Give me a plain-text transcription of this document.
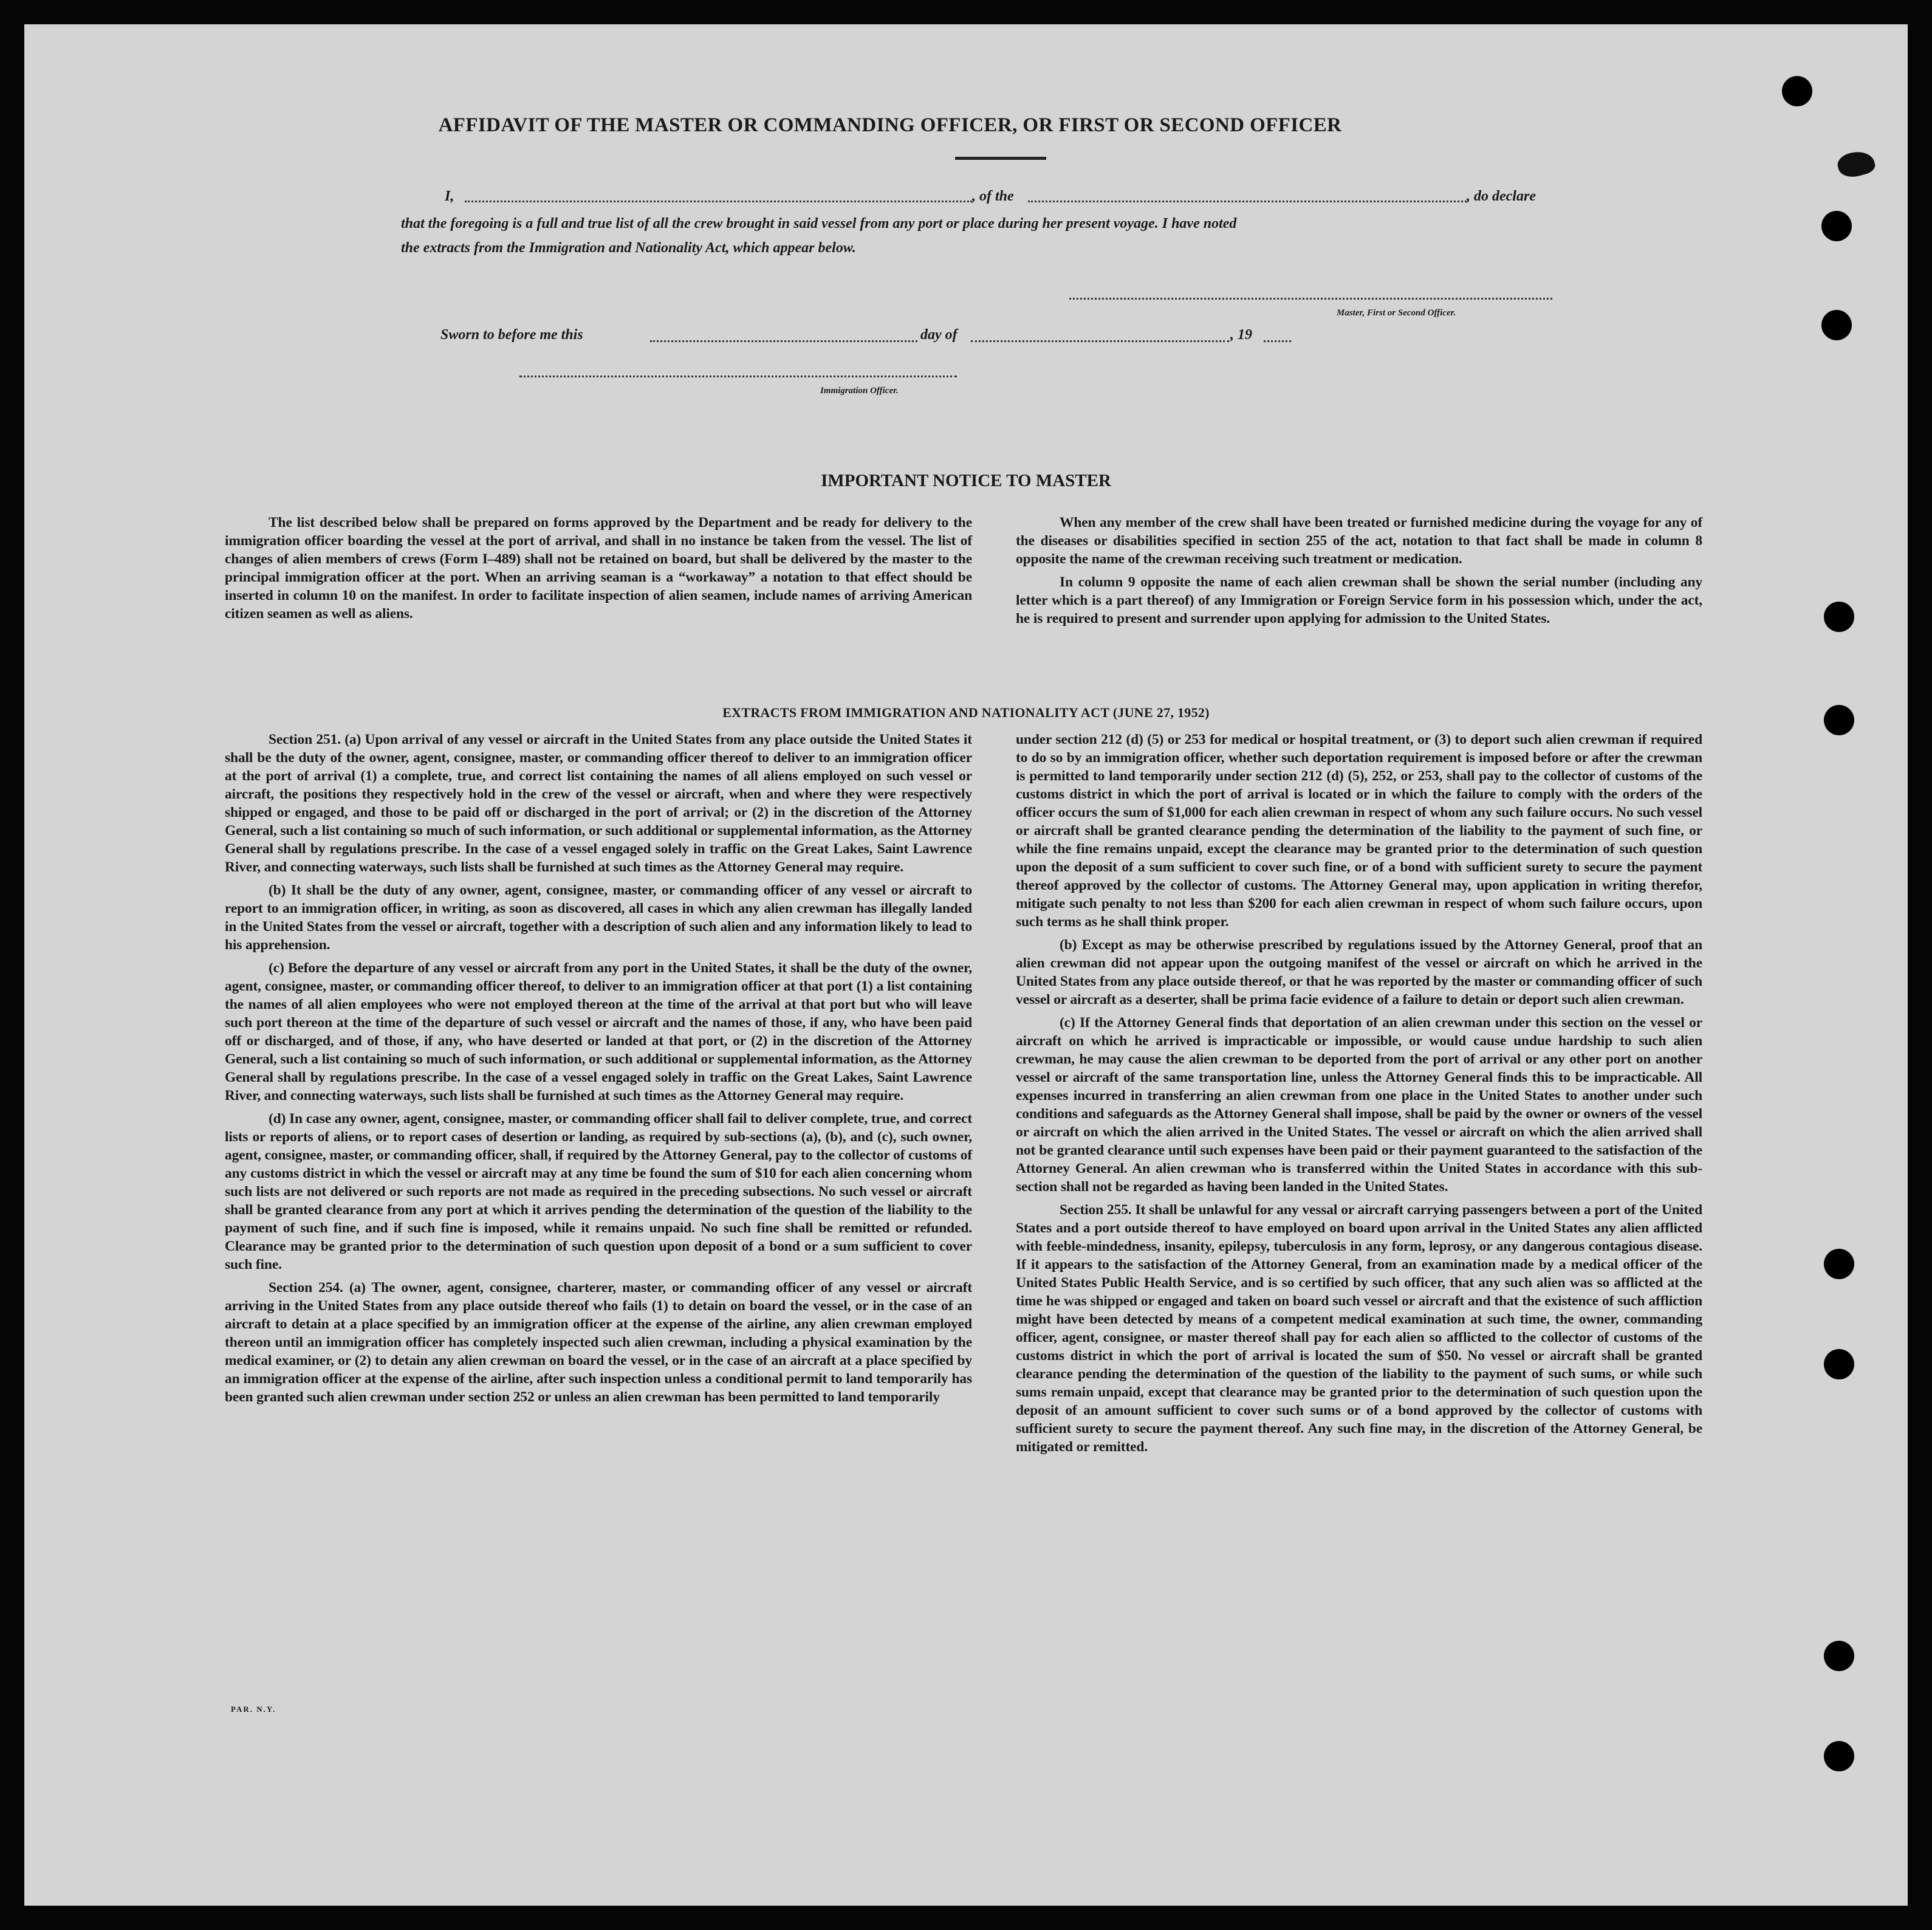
AFFIDAVIT OF THE MASTER OR COMMANDING OFFICER, OR FIRST OR SECOND OFFICER
I,	, of the	, do declare
that the foregoing is a full and true list of all the crew brought in said vessel from any port or place during her present voyage. I have noted
the extracts from the Immigration and Nationality Act, which appear below.
Master, First or Second Officer.
Sworn to before me this	day of	, 19
Immigration Officer.
IMPORTANT NOTICE TO MASTER

The list described below shall be prepared on forms approved by the Department and be ready for delivery to the immigration officer boarding the vessel at the port of arrival, and shall in no instance be taken from the vessel. The list of changes of alien members of crews (Form I–489) shall not be retained on board, but shall be delivered by the master to the principal immigration officer at the port. When an arriving seaman is a “workaway” a notation to that effect should be inserted in column 10 on the manifest. In order to facilitate inspection of alien seamen, include names of arriving American citizen seamen as well as aliens.

When any member of the crew shall have been treated or furnished medicine during the voyage for any of the diseases or disabilities specified in section 255 of the act, notation to that fact shall be made in column 8 opposite the name of the crewman receiving such treatment or medication.

In column 9 opposite the name of each alien crewman shall be shown the serial number (including any letter which is a part thereof) of any Immigration or Foreign Service form in his possession which, under the act, he is required to present and surrender upon applying for admission to the United States.

EXTRACTS FROM IMMIGRATION AND NATIONALITY ACT (JUNE 27, 1952)

Section 251. (a) Upon arrival of any vessel or aircraft in the United States from any place outside the United States it shall be the duty of the owner, agent, consignee, master, or commanding officer thereof to deliver to an immigration officer at the port of arrival (1) a complete, true, and correct list containing the names of all aliens employed on such vessel or aircraft, the positions they respectively hold in the crew of the vessel or aircraft, when and where they were respectively shipped or engaged, and those to be paid off or discharged in the port of arrival; or (2) in the discretion of the Attorney General, such a list containing so much of such information, or such additional or supplemental information, as the Attorney General shall by regulations prescribe. In the case of a vessel engaged solely in traffic on the Great Lakes, Saint Lawrence River, and connecting waterways, such lists shall be furnished at such times as the Attorney General may require.

(b) It shall be the duty of any owner, agent, consignee, master, or commanding officer of any vessel or aircraft to report to an immigration officer, in writing, as soon as discovered, all cases in which any alien crewman has illegally landed in the United States from the vessel or aircraft, together with a description of such alien and any information likely to lead to his apprehension.

(c) Before the departure of any vessel or aircraft from any port in the United States, it shall be the duty of the owner, agent, consignee, master, or commanding officer thereof, to deliver to an immigration officer at that port (1) a list containing the names of all alien employees who were not employed thereon at the time of the arrival at that port but who will leave such port thereon at the time of the departure of such vessel or aircraft and the names of those, if any, who have been paid off or discharged, and of those, if any, who have deserted or landed at that port, or (2) in the discretion of the Attorney General, such a list containing so much of such information, or such additional or supplemental information, as the Attorney General shall by regulations prescribe. In the case of a vessel engaged solely in traffic on the Great Lakes, Saint Lawrence River, and connecting waterways, such lists shall be furnished at such times as the Attorney General may require.

(d) In case any owner, agent, consignee, master, or commanding officer shall fail to deliver complete, true, and correct lists or reports of aliens, or to report cases of desertion or landing, as required by sub-sections (a), (b), and (c), such owner, agent, consignee, master, or commanding officer, shall, if required by the Attorney General, pay to the collector of customs of any customs district in which the vessel or aircraft may at any time be found the sum of $10 for each alien concerning whom such lists are not delivered or such reports are not made as required in the preceding subsections. No such vessel or aircraft shall be granted clearance from any port at which it arrives pending the determination of the question of the liability to the payment of such fine, and if such fine is imposed, while it remains unpaid. No such fine shall be remitted or refunded. Clearance may be granted prior to the determination of such question upon deposit of a bond or a sum sufficient to cover such fine.

Section 254. (a) The owner, agent, consignee, charterer, master, or commanding officer of any vessel or aircraft arriving in the United States from any place outside thereof who fails (1) to detain on board the vessel, or in the case of an aircraft to detain at a place specified by an immigration officer at the expense of the airline, any alien crewman employed thereon until an immigration officer has completely inspected such alien crewman, including a physical examination by the medical examiner, or (2) to detain any alien crewman on board the vessel, or in the case of an aircraft at a place specified by an immigration officer at the expense of the airline, after such inspection unless a conditional permit to land temporarily has been granted such alien crewman under section 252 or unless an alien crewman has been permitted to land temporarily

under section 212 (d) (5) or 253 for medical or hospital treatment, or (3) to deport such alien crewman if required to do so by an immigration officer, whether such deportation requirement is imposed before or after the crewman is permitted to land temporarily under section 212 (d) (5), 252, or 253, shall pay to the collector of customs of the customs district in which the port of arrival is located or in which the failure to comply with the orders of the officer occurs the sum of $1,000 for each alien crewman in respect of whom any such failure occurs. No such vessel or aircraft shall be granted clearance pending the determination of the liability to the payment of such fine, or while the fine remains unpaid, except the clearance may be granted prior to the determination of such question upon the deposit of a sum sufficient to cover such fine, or of a bond with sufficient surety to secure the payment thereof approved by the collector of customs. The Attorney General may, upon application in writing therefor, mitigate such penalty to not less than $200 for each alien crewman in respect of whom such failure occurs, upon such terms as he shall think proper.

(b) Except as may be otherwise prescribed by regulations issued by the Attorney General, proof that an alien crewman did not appear upon the outgoing manifest of the vessel or aircraft on which he arrived in the United States from any place outside thereof, or that he was reported by the master or commanding officer of such vessel or aircraft as a deserter, shall be prima facie evidence of a failure to detain or deport such alien crewman.

(c) If the Attorney General finds that deportation of an alien crewman under this section on the vessel or aircraft on which he arrived is impracticable or impossible, or would cause undue hardship to such alien crewman, he may cause the alien crewman to be deported from the port of arrival or any other port on another vessel or aircraft of the same transportation line, unless the Attorney General finds this to be impracticable. All expenses incurred in transferring an alien crewman from one place in the United States to another under such conditions and safeguards as the Attorney General shall impose, shall be paid by the owner or owners of the vessel or aircraft on which the alien arrived in the United States. The vessel or aircraft on which the alien arrived shall not be granted clearance until such expenses have been paid or their payment guaranteed to the satisfaction of the Attorney General. An alien crewman who is transferred within the United States in accordance with this sub-section shall not be regarded as having been landed in the United States.

Section 255. It shall be unlawful for any vessal or aircraft carrying passengers between a port of the United States and a port outside thereof to have employed on board upon arrival in the United States any alien afflicted with feeble-mindedness, insanity, epilepsy, tuberculosis in any form, leprosy, or any dangerous contagious disease. If it appears to the satisfaction of the Attorney General, from an examination made by a medical officer of the United States Public Health Service, and is so certified by such officer, that any such alien was so afflicted at the time he was shipped or engaged and taken on board such vessel or aircraft and that the existence of such affliction might have been detected by means of a competent medical examination at such time, the owner, commanding officer, agent, consignee, or master thereof shall pay for each alien so afflicted to the collector of customs of the customs district in which the port of arrival is located the sum of $50. No vessel or aircraft shall be granted clearance pending the determination of the question of the liability to the payment of such sums, or while such sums remain unpaid, except that clearance may be granted prior to the determination of such question upon the deposit of an amount sufficient to cover such sums or of a bond approved by the collector of customs with sufficient surety to secure the payment thereof. Any such fine may, in the discretion of the Attorney General, be mitigated or remitted.

PAR. N.Y.
